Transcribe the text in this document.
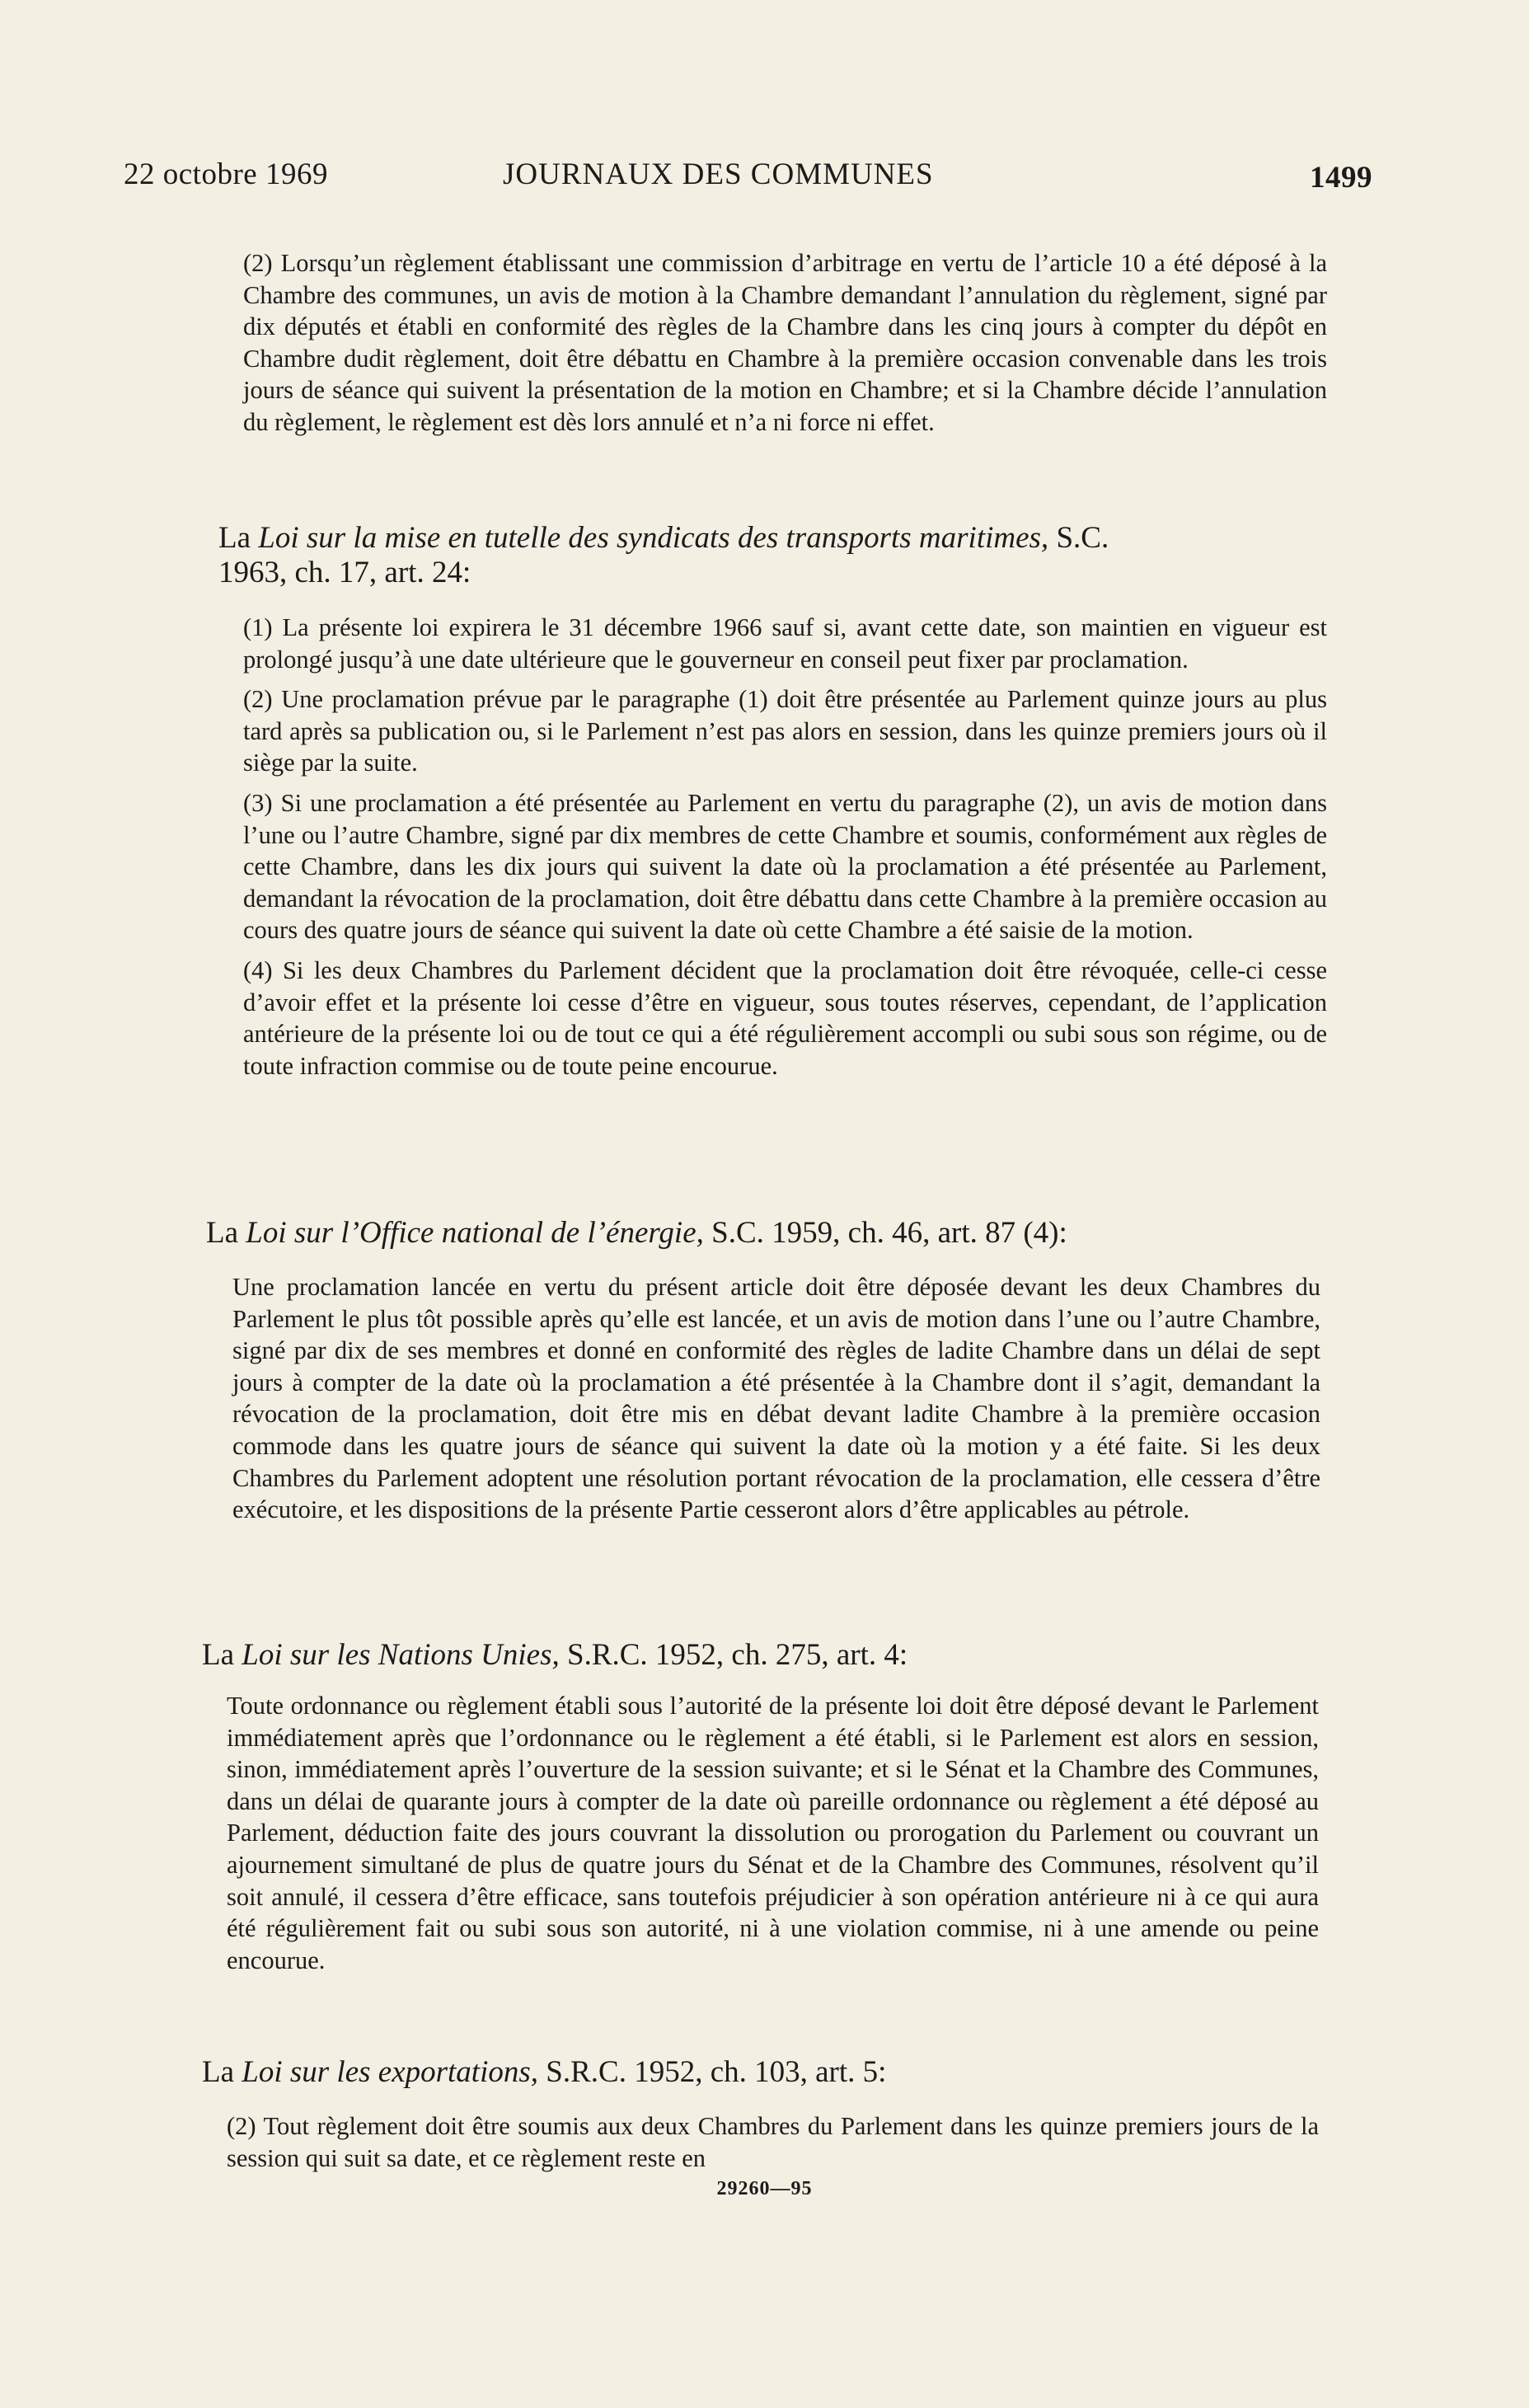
22 octobre 1969	JOURNAUX DES COMMUNES	1499

(2) Lorsqu’un règlement établissant une commission d’arbitrage en vertu de l’article 10 a été déposé à la Chambre des communes, un avis de motion à la Chambre demandant l’annulation du règlement, signé par dix députés et établi en conformité des règles de la Chambre dans les cinq jours à compter du dépôt en Chambre dudit règlement, doit être débattu en Chambre à la première occasion convenable dans les trois jours de séance qui suivent la présentation de la motion en Chambre; et si la Chambre décide l’annulation du règlement, le règlement est dès lors annulé et n’a ni force ni effet.

La Loi sur la mise en tutelle des syndicats des transports maritimes, S.C.
1963, ch. 17, art. 24:

(1) La présente loi expirera le 31 décembre 1966 sauf si, avant cette date, son maintien en vigueur est prolongé jusqu’à une date ultérieure que le gouverneur en conseil peut fixer par proclamation.

(2) Une proclamation prévue par le paragraphe (1) doit être présentée au Parlement quinze jours au plus tard après sa publication ou, si le Parlement n’est pas alors en session, dans les quinze premiers jours où il siège par la suite.

(3) Si une proclamation a été présentée au Parlement en vertu du paragraphe (2), un avis de motion dans l’une ou l’autre Chambre, signé par dix membres de cette Chambre et soumis, conformément aux règles de cette Chambre, dans les dix jours qui suivent la date où la proclamation a été présentée au Parlement, demandant la révocation de la proclamation, doit être débattu dans cette Chambre à la première occasion au cours des quatre jours de séance qui suivent la date où cette Chambre a été saisie de la motion.

(4) Si les deux Chambres du Parlement décident que la proclamation doit être révoquée, celle-ci cesse d’avoir effet et la présente loi cesse d’être en vigueur, sous toutes réserves, cependant, de l’application antérieure de la présente loi ou de tout ce qui a été régulièrement accompli ou subi sous son régime, ou de toute infraction commise ou de toute peine encourue.

La Loi sur l’Office national de l’énergie, S.C. 1959, ch. 46, art. 87 (4):

Une proclamation lancée en vertu du présent article doit être déposée devant les deux Chambres du Parlement le plus tôt possible après qu’elle est lancée, et un avis de motion dans l’une ou l’autre Chambre, signé par dix de ses membres et donné en conformité des règles de ladite Chambre dans un délai de sept jours à compter de la date où la proclamation a été présentée à la Chambre dont il s’agit, demandant la révocation de la proclamation, doit être mis en débat devant ladite Chambre à la première occasion commode dans les quatre jours de séance qui suivent la date où la motion y a été faite. Si les deux Chambres du Parlement adoptent une résolution portant révocation de la proclamation, elle cessera d’être exécutoire, et les dispositions de la présente Partie cesseront alors d’être applicables au pétrole.

La Loi sur les Nations Unies, S.R.C. 1952, ch. 275, art. 4:

Toute ordonnance ou règlement établi sous l’autorité de la présente loi doit être déposé devant le Parlement immédiatement après que l’ordonnance ou le règlement a été établi, si le Parlement est alors en session, sinon, immédiatement après l’ouverture de la session suivante; et si le Sénat et la Chambre des Communes, dans un délai de quarante jours à compter de la date où pareille ordonnance ou règlement a été déposé au Parlement, déduction faite des jours couvrant la dissolution ou prorogation du Parlement ou couvrant un ajournement simultané de plus de quatre jours du Sénat et de la Chambre des Communes, résolvent qu’il soit annulé, il cessera d’être efficace, sans toutefois préjudicier à son opération antérieure ni à ce qui aura été régulièrement fait ou subi sous son autorité, ni à une violation commise, ni à une amende ou peine encourue.

La Loi sur les exportations, S.R.C. 1952, ch. 103, art. 5:

(2) Tout règlement doit être soumis aux deux Chambres du Parlement dans les quinze premiers jours de la session qui suit sa date, et ce règlement reste en

29260—95
